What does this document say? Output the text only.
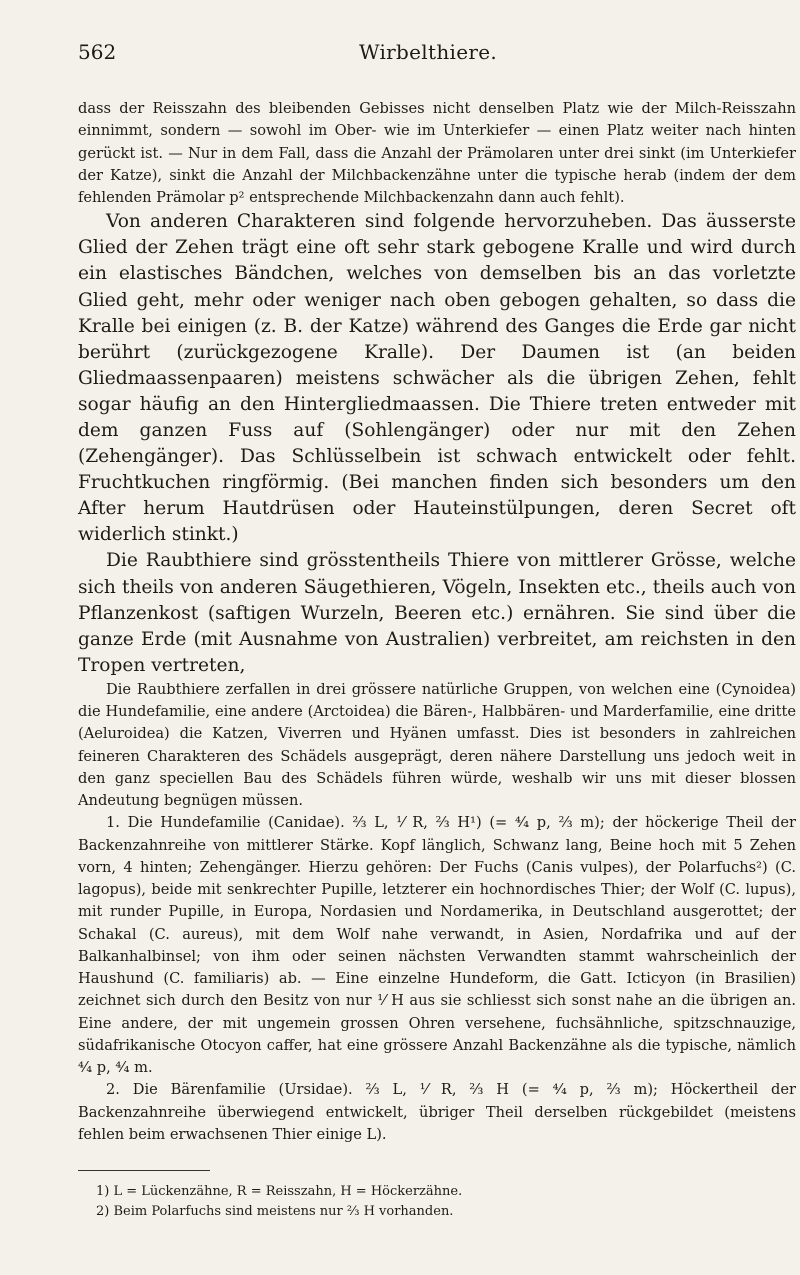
562	Wirbelthiere.

dass der Reisszahn des bleibenden Gebisses nicht denselben Platz wie der Milch-Reisszahn einnimmt, sondern — sowohl im Ober- wie im Unterkiefer — einen Platz weiter nach hinten gerückt ist. — Nur in dem Fall, dass die Anzahl der Prämolaren unter drei sinkt (im Unterkiefer der Katze), sinkt die Anzahl der Milchbackenzähne unter die typische herab (indem der dem fehlenden Prämolar p² entsprechende Milchbackenzahn dann auch fehlt).

Von anderen Charakteren sind folgende hervorzuheben. Das äusserste Glied der Zehen trägt eine oft sehr stark gebogene Kralle und wird durch ein elastisches Bändchen, welches von demselben bis an das vorletzte Glied geht, mehr oder weniger nach oben gebogen gehalten, so dass die Kralle bei einigen (z. B. der Katze) während des Ganges die Erde gar nicht berührt (zurückgezogene Kralle). Der Daumen ist (an beiden Gliedmaassenpaaren) meistens schwächer als die übrigen Zehen, fehlt sogar häufig an den Hintergliedmaassen. Die Thiere treten entweder mit dem ganzen Fuss auf (Sohlengänger) oder nur mit den Zehen (Zehengänger). Das Schlüsselbein ist schwach entwickelt oder fehlt. Fruchtkuchen ringförmig. (Bei manchen finden sich besonders um den After herum Hautdrüsen oder Hauteinstülpungen, deren Secret oft widerlich stinkt.)

Die Raubthiere sind grösstentheils Thiere von mittlerer Grösse, welche sich theils von anderen Säugethieren, Vögeln, Insekten etc., theils auch von Pflanzenkost (saftigen Wurzeln, Beeren etc.) ernähren. Sie sind über die ganze Erde (mit Ausnahme von Australien) verbreitet, am reichsten in den Tropen vertreten,

Die Raubthiere zerfallen in drei grössere natürliche Gruppen, von welchen eine (Cynoidea) die Hundefamilie, eine andere (Arctoidea) die Bären-, Halbbären- und Marderfamilie, eine dritte (Aeluroidea) die Katzen, Viverren und Hyänen umfasst. Dies ist besonders in zahlreichen feineren Charakteren des Schädels ausgeprägt, deren nähere Darstellung uns jedoch weit in den ganz speciellen Bau des Schädels führen würde, weshalb wir uns mit dieser blossen Andeutung begnügen müssen.

1. Die Hundefamilie (Canidae). ⅔ L, ⅟ R, ⅔ H¹) (= ⁴⁄₄ p, ⅔ m); der höckerige Theil der Backenzahnreihe von mittlerer Stärke. Kopf länglich, Schwanz lang, Beine hoch mit 5 Zehen vorn, 4 hinten; Zehengänger. Hierzu gehören: Der Fuchs (Canis vulpes), der Polarfuchs²) (C. lagopus), beide mit senkrechter Pupille, letzterer ein hochnordisches Thier; der Wolf (C. lupus), mit runder Pupille, in Europa, Nordasien und Nordamerika, in Deutschland ausgerottet; der Schakal (C. aureus), mit dem Wolf nahe verwandt, in Asien, Nordafrika und auf der Balkanhalbinsel; von ihm oder seinen nächsten Verwandten stammt wahrscheinlich der Haushund (C. familiaris) ab. — Eine einzelne Hundeform, die Gatt. Icticyon (in Brasilien) zeichnet sich durch den Besitz von nur ⅟ H aus sie schliesst sich sonst nahe an die übrigen an. Eine andere, der mit ungemein grossen Ohren versehene, fuchsähnliche, spitzschnauzige, südafrikanische Otocyon caffer, hat eine grössere Anzahl Backenzähne als die typische, nämlich ⁴⁄₄ p, ⁴⁄₄ m.

2. Die Bärenfamilie (Ursidae). ⅔ L, ⅟ R, ⅔ H (= ⁴⁄₄ p, ⅔ m); Höckertheil der Backenzahnreihe überwiegend entwickelt, übriger Theil derselben rückgebildet (meistens fehlen beim erwachsenen Thier einige L).

1) L = Lückenzähne, R = Reisszahn, H = Höckerzähne.

2) Beim Polarfuchs sind meistens nur ⅔ H vorhanden.
